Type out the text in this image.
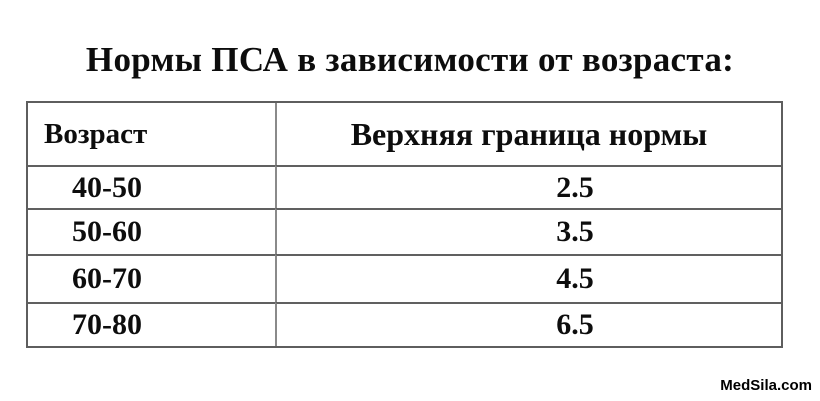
Нормы ПСА в зависимости от возраста:
Возраст	Верхняя граница нормы
40-50	2.5
50-60	3.5
60-70	4.5
70-80	6.5
MedSila.com
